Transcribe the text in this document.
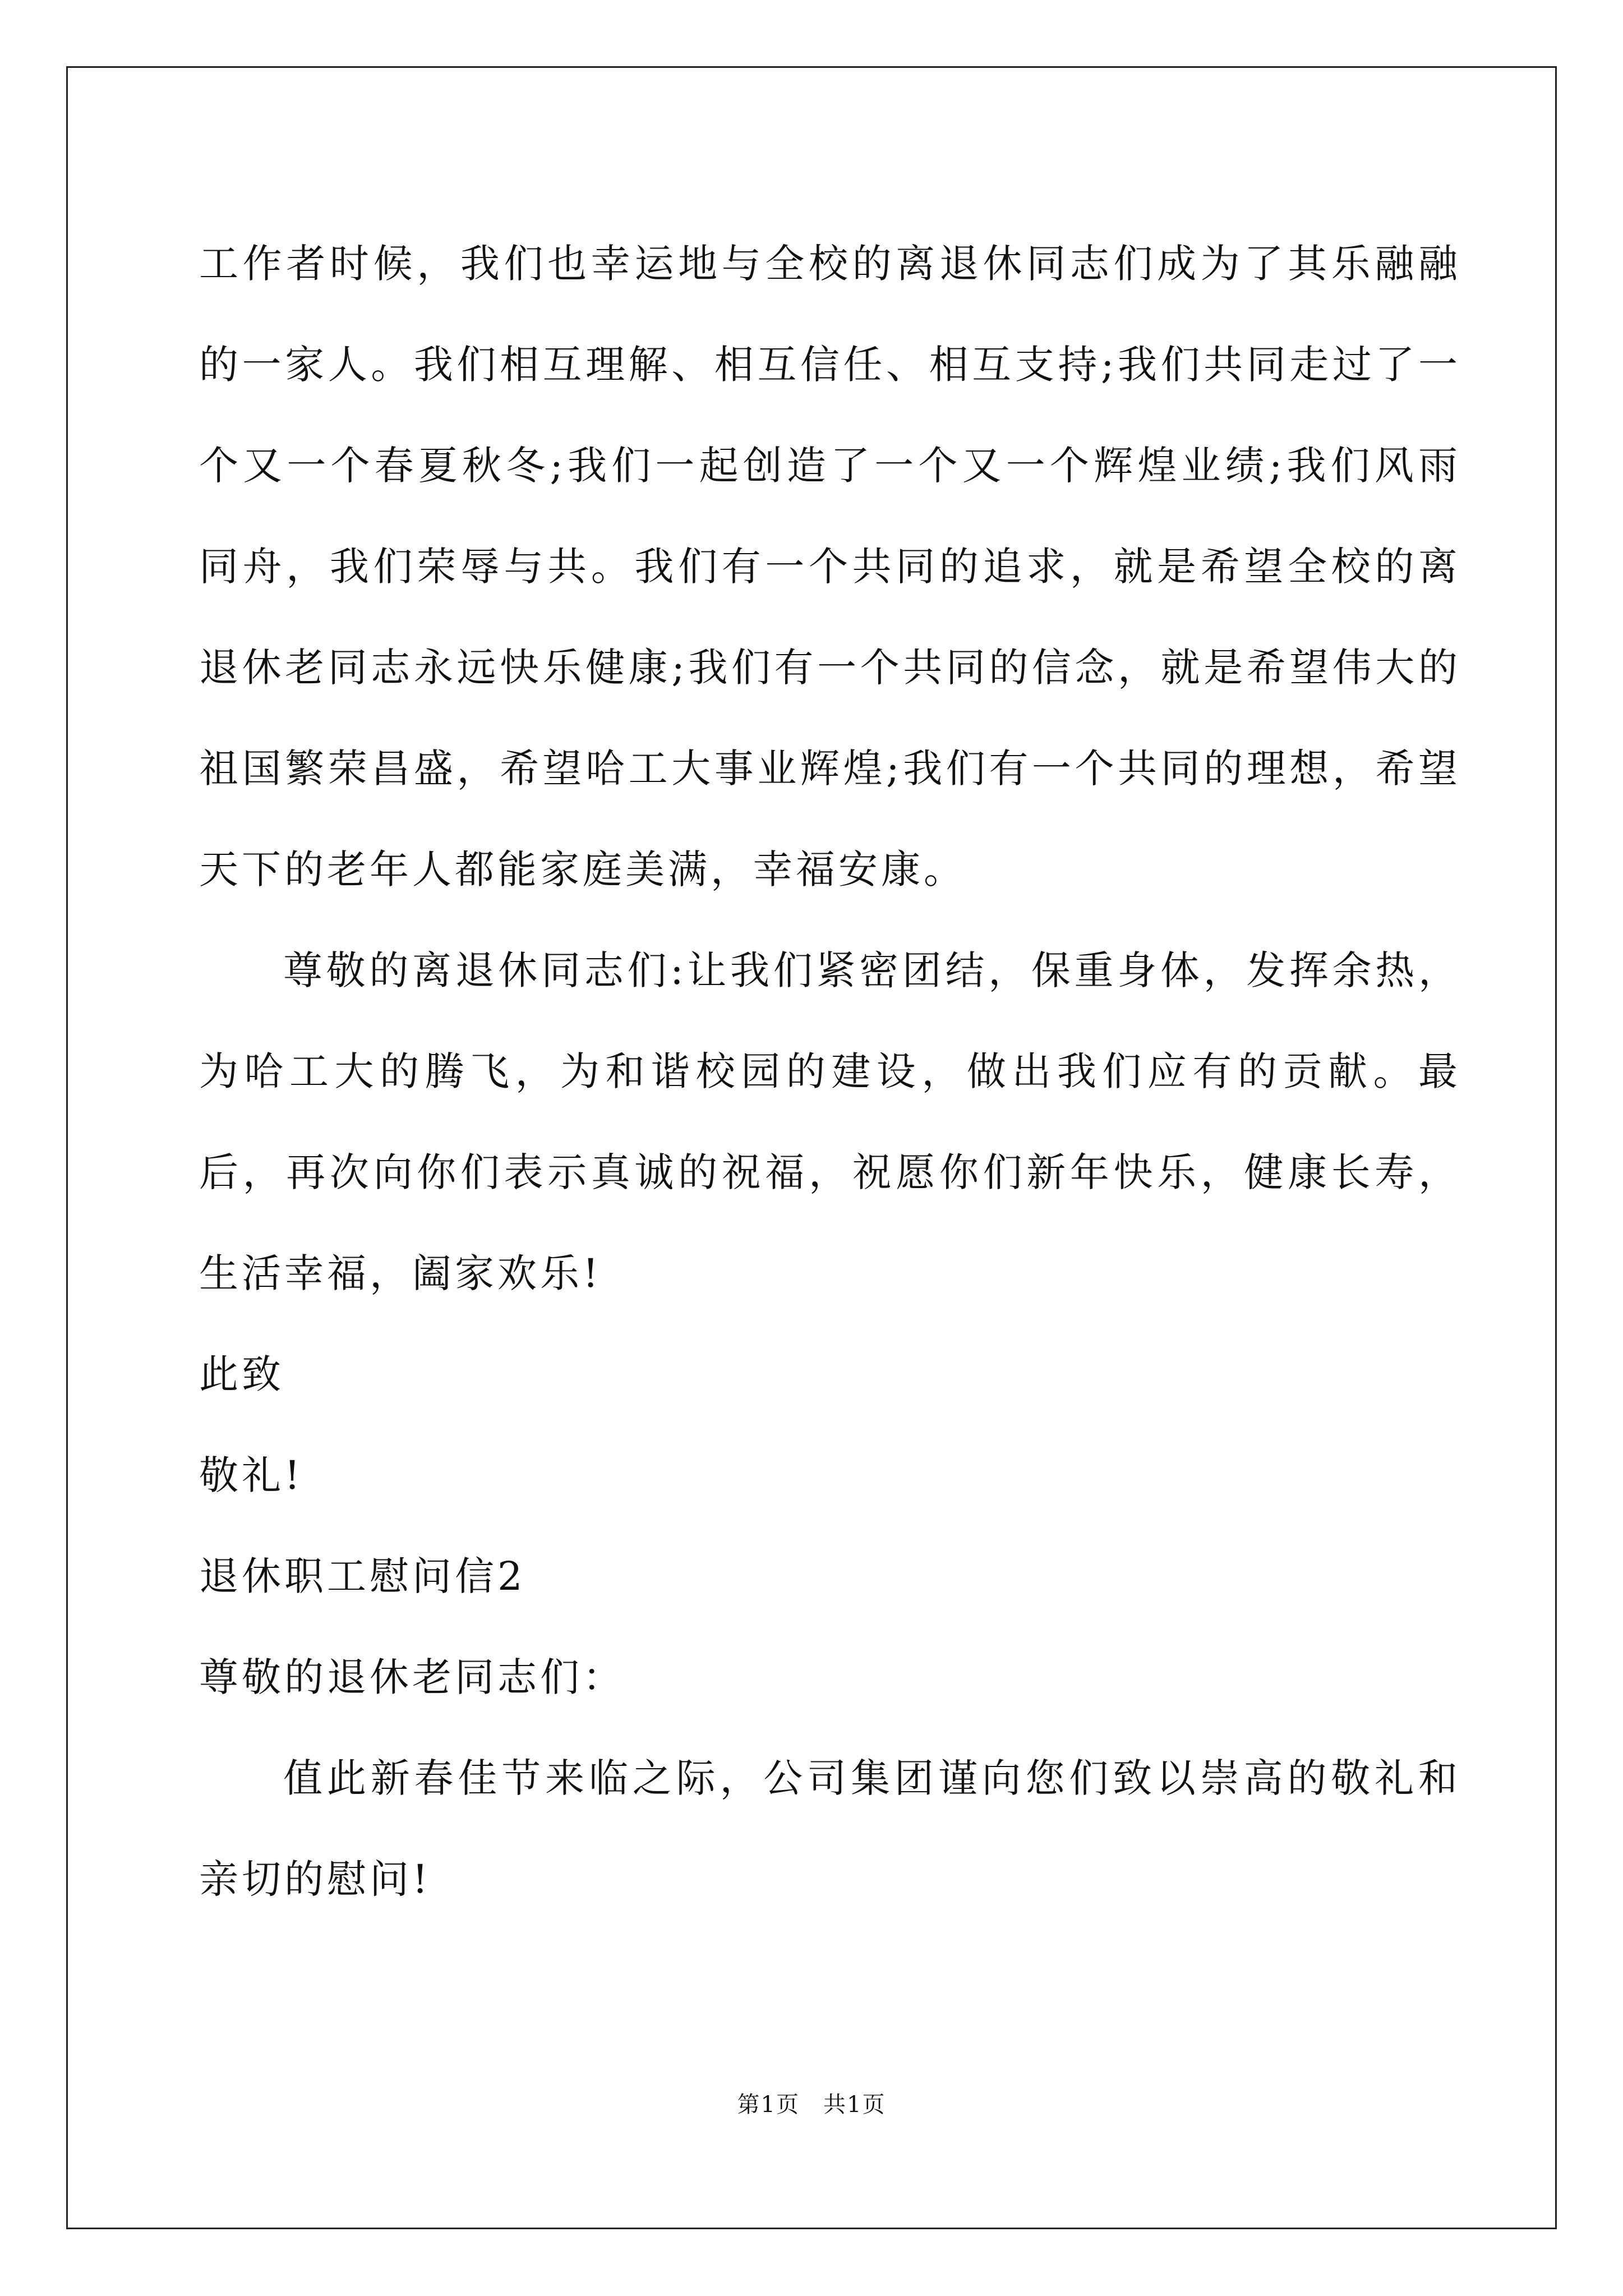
工作者时候，我们也幸运地与全校的离退休同志们成为了其乐融融的一家人。我们相互理解、相互信任、相互支持;我们共同走过了一个又一个春夏秋冬;我们一起创造了一个又一个辉煌业绩;我们风雨同舟，我们荣辱与共。我们有一个共同的追求，就是希望全校的离退休老同志永远快乐健康;我们有一个共同的信念，就是希望伟大的祖国繁荣昌盛，希望哈工大事业辉煌;我们有一个共同的理想，希望天下的老年人都能家庭美满，幸福安康。

尊敬的离退休同志们:让我们紧密团结，保重身体，发挥余热，为哈工大的腾飞，为和谐校园的建设，做出我们应有的贡献。最后，再次向你们表示真诚的祝福，祝愿你们新年快乐，健康长寿，生活幸福，阖家欢乐!

此致

敬礼!

退休职工慰问信2

尊敬的退休老同志们：

值此新春佳节来临之际，公司集团谨向您们致以崇高的敬礼和亲切的慰问!

第1页　共1页
